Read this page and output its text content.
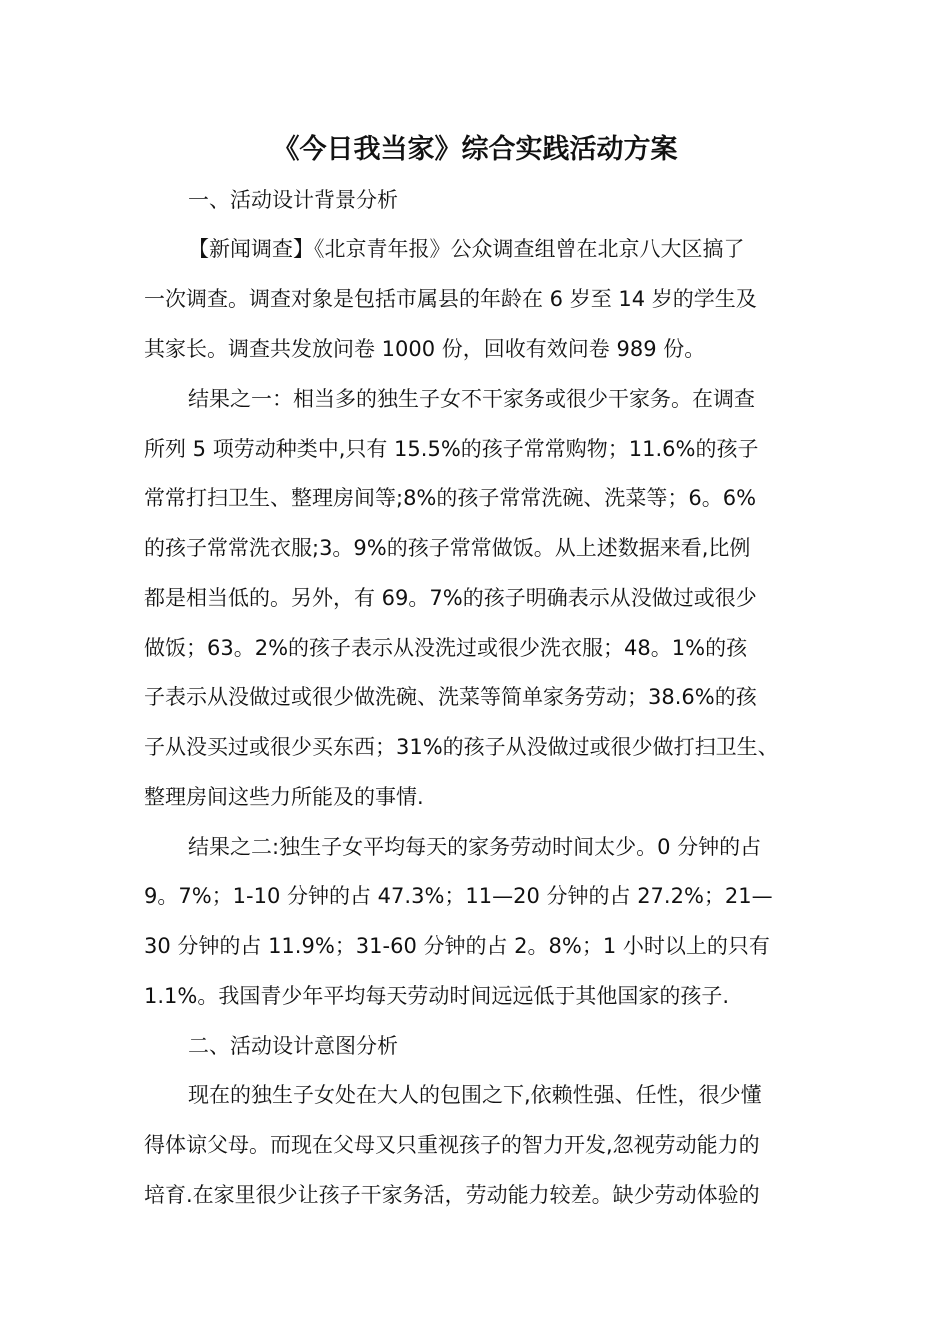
《今日我当家》综合实践活动方案
一、活动设计背景分析
【新闻调查】《北京青年报》公众调查组曾在北京八大区搞了
一次调查。调查对象是包括市属县的年龄在 6 岁至 14 岁的学生及
其家长。调查共发放问卷 1000 份，回收有效问卷 989 份。
结果之一：相当多的独生子女不干家务或很少干家务。在调查
所列 5 项劳动种类中,只有 15.5%的孩子常常购物；11.6%的孩子
常常打扫卫生、整理房间等;8%的孩子常常洗碗、洗菜等；6。6%
的孩子常常洗衣服;3。9%的孩子常常做饭。从上述数据来看,比例
都是相当低的。另外，有 69。7%的孩子明确表示从没做过或很少
做饭；63。2%的孩子表示从没洗过或很少洗衣服；48。1%的孩
子表示从没做过或很少做洗碗、洗菜等简单家务劳动；38.6%的孩
子从没买过或很少买东西；31%的孩子从没做过或很少做打扫卫生、
整理房间这些力所能及的事情.
结果之二:独生子女平均每天的家务劳动时间太少。0 分钟的占
9。7%；1-10 分钟的占 47.3%；11—20 分钟的占 27.2%；21—
30 分钟的占 11.9%；31-60 分钟的占 2。8%；1 小时以上的只有
1.1%。我国青少年平均每天劳动时间远远低于其他国家的孩子.
二、活动设计意图分析
现在的独生子女处在大人的包围之下,依赖性强、任性，很少懂
得体谅父母。而现在父母又只重视孩子的智力开发,忽视劳动能力的
培育.在家里很少让孩子干家务活，劳动能力较差。缺少劳动体验的
